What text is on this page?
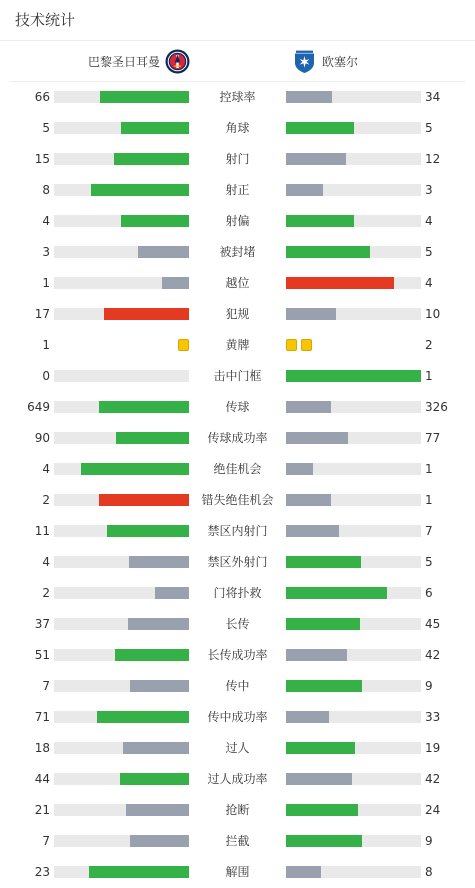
技术统计
巴黎圣日耳曼	欧塞尔
66	控球率	34
5	角球	5
15	射门	12
8	射正	3
4	射偏	4
3	被封堵	5
1	越位	4
17	犯规	10
1	黄牌	2
0	击中门框	1
649	传球	326
90	传球成功率	77
4	绝佳机会	1
2	错失绝佳机会	1
11	禁区内射门	7
4	禁区外射门	5
2	门将扑救	6
37	长传	45
51	长传成功率	42
7	传中	9
71	传中成功率	33
18	过人	19
44	过人成功率	42
21	抢断	24
7	拦截	9
23	解围	8
